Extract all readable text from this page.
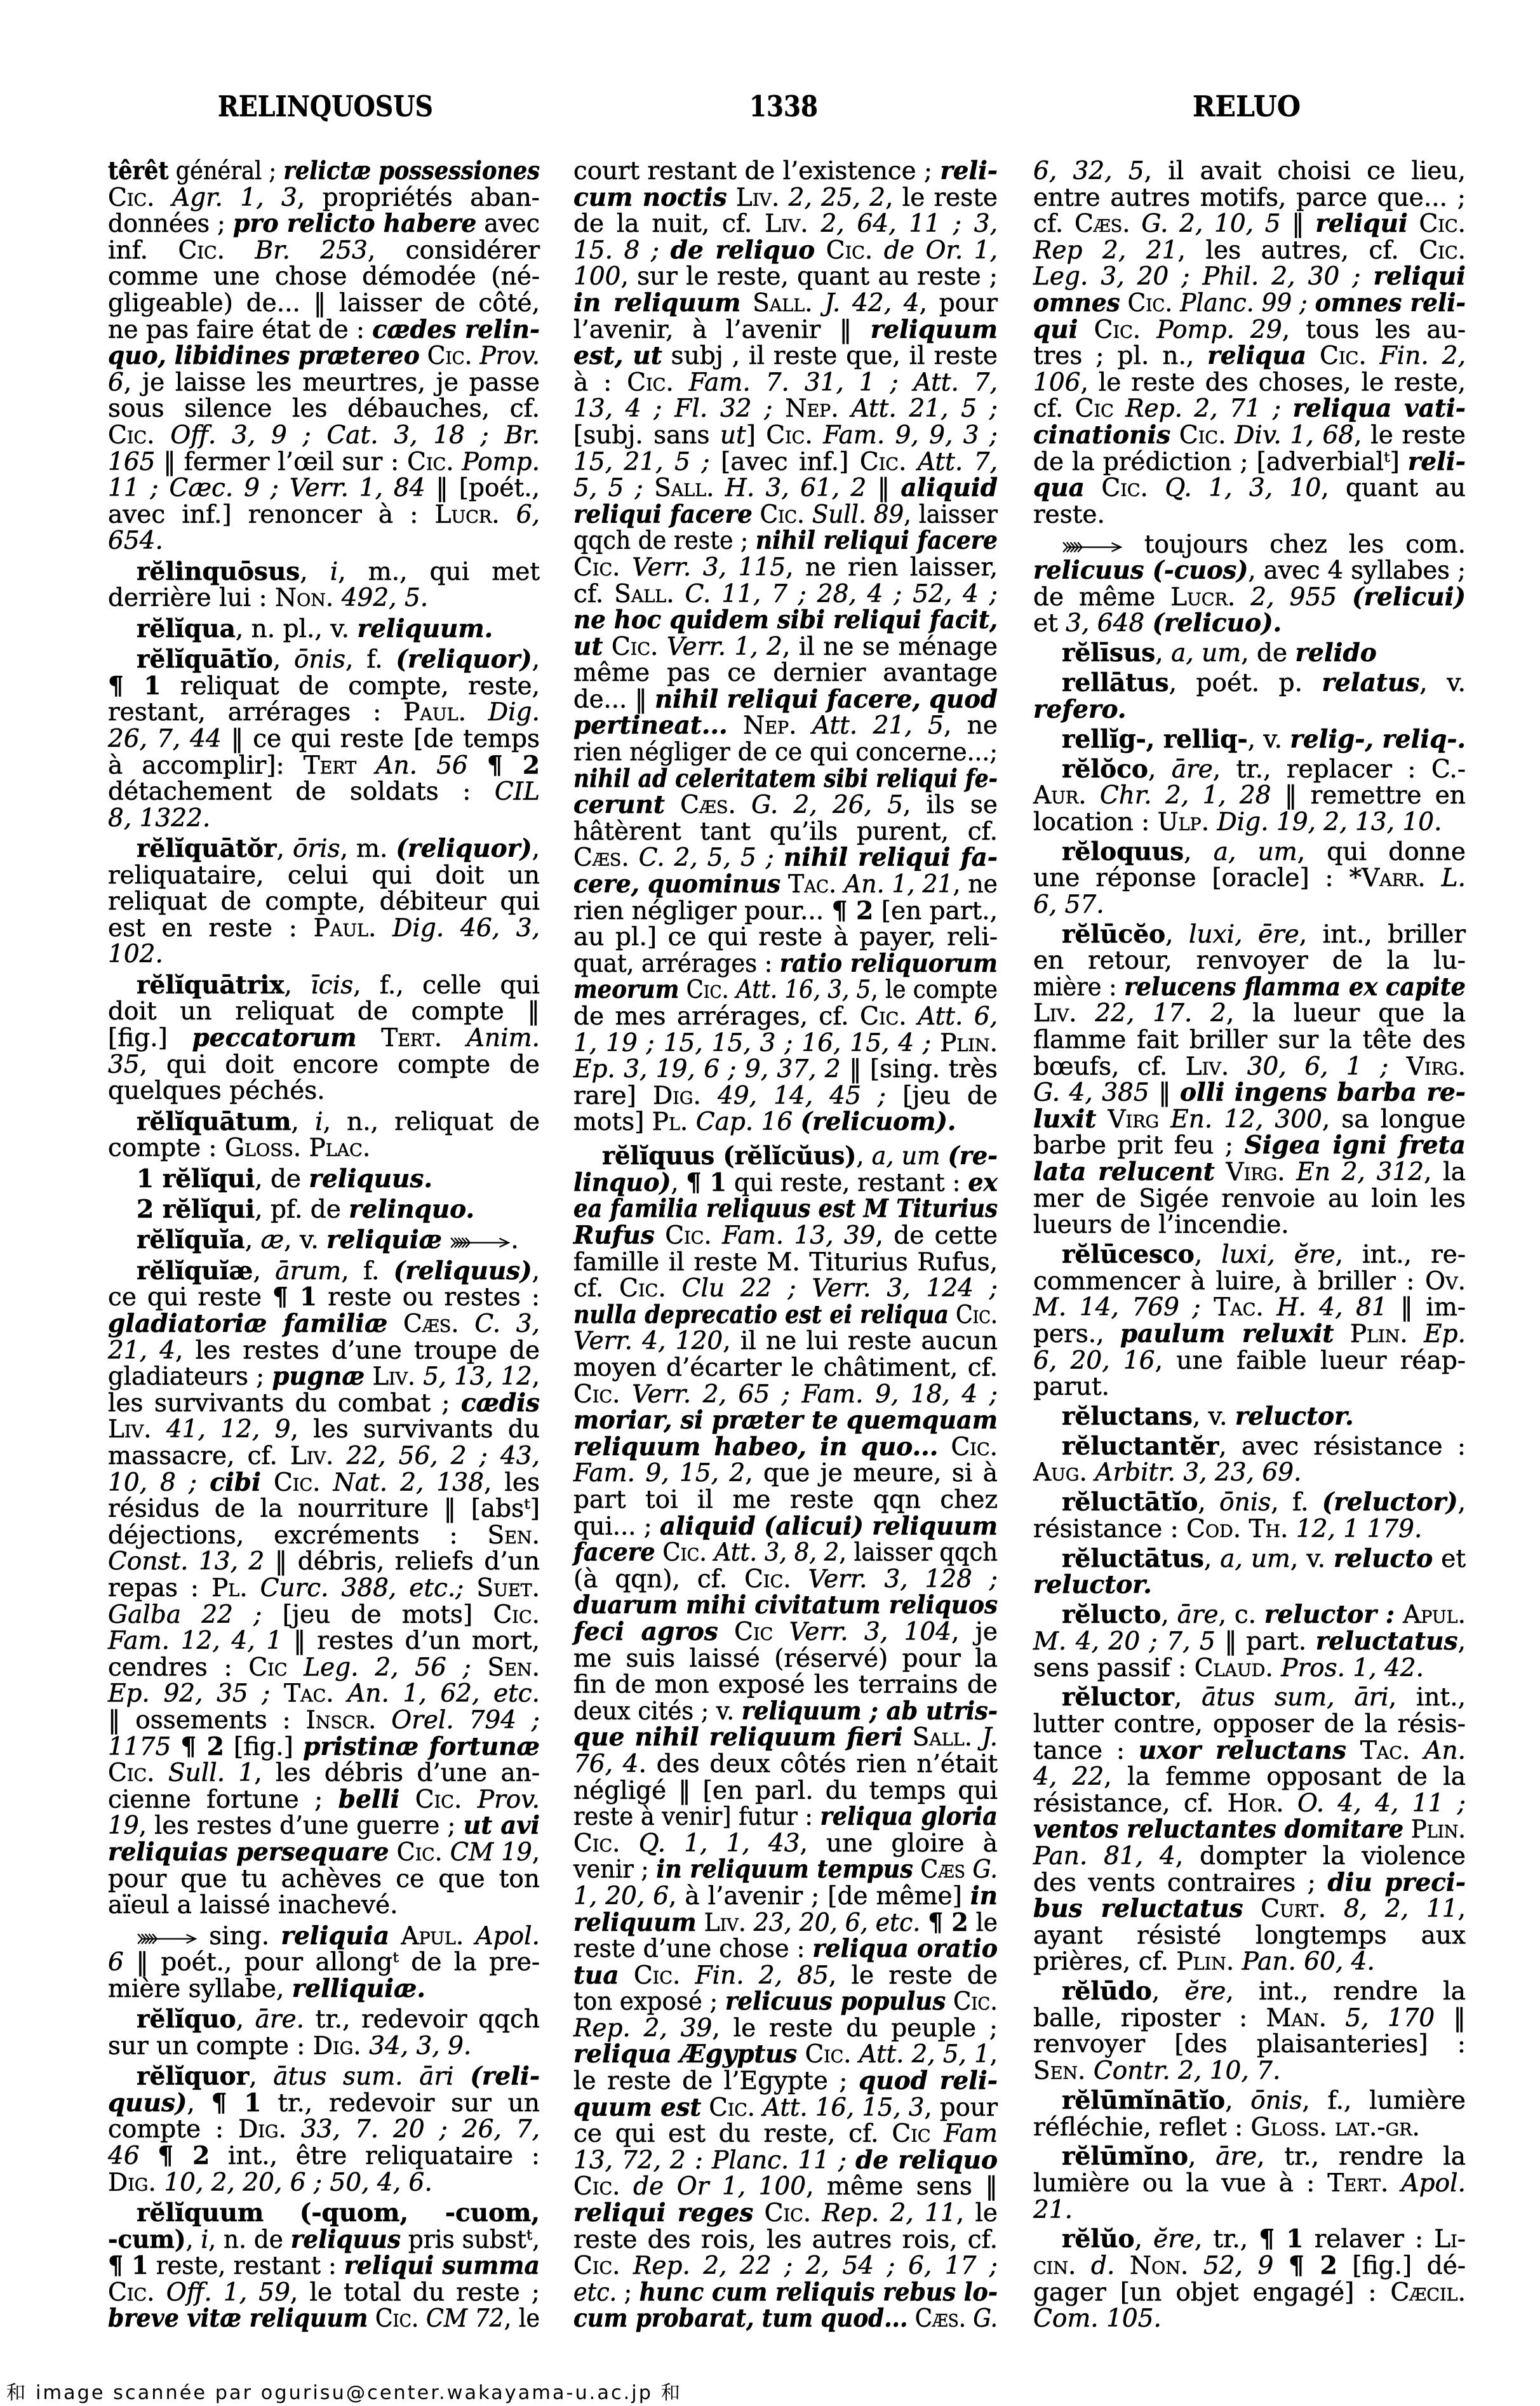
RELINQUOSUS	1338	RELUO
têrêt général ; relictæ possessiones
Cic. Agr. 1, 3, propriétés aban-
données ; pro relicto habere avec
inf. Cic. Br. 253, considérer
comme une chose démodée (né-
gligeable) de... ‖ laisser de côté,
ne pas faire état de : cædes relin-
quo, libidines prætereo Cic. Prov.
6, je laisse les meurtres, je passe
sous silence les débauches, cf.
Cic. Off. 3, 9 ; Cat. 3, 18 ; Br.
165 ‖ fermer l’œil sur : Cic. Pomp.
11 ; Cæc. 9 ; Verr. 1, 84 ‖ [poét.,
avec inf.] renoncer à : Lucr. 6,
654.
rĕlinquōsus, i, m., qui met
derrière lui : Non. 492, 5.
rĕlĭqua, n. pl., v. reliquum.
rĕlĭquātĭo, ōnis, f. (reliquor),
¶ 1 reliquat de compte, reste,
restant, arrérages : Paul. Dig.
26, 7, 44 ‖ ce qui reste [de temps
à accomplir]: Tert An. 56 ¶ 2
détachement de soldats : CIL
8, 1322.
rĕlĭquātŏr, ōris, m. (reliquor),
reliquataire, celui qui doit un
reliquat de compte, débiteur qui
est en reste : Paul. Dig. 46, 3,
102.
rĕlĭquātrix, īcis, f., celle qui
doit un reliquat de compte ‖
[fig.] peccatorum Tert. Anim.
35, qui doit encore compte de
quelques péchés.
rĕlĭquātum, i, n., reliquat de
compte : Gloss. Plac.
1 rĕlĭqui, de reliquus.
2 rĕlĭqui, pf. de relinquo.
rĕlĭquĭa, æ, v. reliquiæ	.
rĕlĭquĭæ, ārum, f. (reliquus),
ce qui reste ¶ 1 reste ou restes :
gladiatoriæ familiæ Cæs. C. 3,
21, 4, les restes d’une troupe de
gladiateurs ; pugnæ Liv. 5, 13, 12,
les survivants du combat ; cædis
Liv. 41, 12, 9, les survivants du
massacre, cf. Liv. 22, 56, 2 ; 43,
10, 8 ; cibi Cic. Nat. 2, 138, les
résidus de la nourriture ‖ [absᵗ]
déjections, excréments : Sen.
Const. 13, 2 ‖ débris, reliefs d’un
repas : Pl. Curc. 388, etc.; Suet.
Galba 22 ; [jeu de mots] Cic.
Fam. 12, 4, 1 ‖ restes d’un mort,
cendres : Cic Leg. 2, 56 ; Sen.
Ep. 92, 35 ; Tac. An. 1, 62, etc.
‖ ossements : Inscr. Orel. 794 ;
1175 ¶ 2 [fig.] pristinæ fortunæ
Cic. Sull. 1, les débris d’une an-
cienne fortune ; belli Cic. Prov.
19, les restes d’une guerre ; ut avi
reliquias persequare Cic. CM 19,
pour que tu achèves ce que ton
aïeul a laissé inachevé.
sing. reliquia Apul. Apol.
6 ‖ poét., pour allongᵗ de la pre-
mière syllabe, relliquiæ.
rĕlĭquo, āre. tr., redevoir qqch
sur un compte : Dig. 34, 3, 9.
rĕlĭquor, ātus sum. āri (reli-
quus), ¶ 1 tr., redevoir sur un
compte : Dig. 33, 7. 20 ; 26, 7,
46 ¶ 2 int., être reliquataire :
Dig. 10, 2, 20, 6 ; 50, 4, 6.
rĕlĭquum (-quom, -cuom,
-cum), i, n. de reliquus pris substᵗ,
¶ 1 reste, restant : reliqui summa
Cic. Off. 1, 59, le total du reste ;
breve vitæ reliquum Cic. CM 72, le
court restant de l’existence ; reli-
cum noctis Liv. 2, 25, 2, le reste
de la nuit, cf. Liv. 2, 64, 11 ; 3,
15. 8 ; de reliquo Cic. de Or. 1,
100, sur le reste, quant au reste ;
in reliquum Sall. J. 42, 4, pour
l’avenir, à l’avenir ‖ reliquum
est, ut subj , il reste que, il reste
à : Cic. Fam. 7. 31, 1 ; Att. 7,
13, 4 ; Fl. 32 ; Nep. Att. 21, 5 ;
[subj. sans ut] Cic. Fam. 9, 9, 3 ;
15, 21, 5 ; [avec inf.] Cic. Att. 7,
5, 5 ; Sall. H. 3, 61, 2 ‖ aliquid
reliqui facere Cic. Sull. 89, laisser
qqch de reste ; nihil reliqui facere
Cic. Verr. 3, 115, ne rien laisser,
cf. Sall. C. 11, 7 ; 28, 4 ; 52, 4 ;
ne hoc quidem sibi reliqui facit,
ut Cic. Verr. 1, 2, il ne se ménage
même pas ce dernier avantage
de... ‖ nihil reliqui facere, quod
pertineat... Nep. Att. 21, 5, ne
rien négliger de ce qui concerne...;
nihil ad celeritatem sibi reliqui fe-
cerunt Cæs. G. 2, 26, 5, ils se
hâtèrent tant qu’ils purent, cf.
Cæs. C. 2, 5, 5 ; nihil reliqui fa-
cere, quominus Tac. An. 1, 21, ne
rien négliger pour... ¶ 2 [en part.,
au pl.] ce qui reste à payer, reli-
quat, arrérages : ratio reliquorum
meorum Cic. Att. 16, 3, 5, le compte
de mes arrérages, cf. Cic. Att. 6,
1, 19 ; 15, 15, 3 ; 16, 15, 4 ; Plin.
Ep. 3, 19, 6 ; 9, 37, 2 ‖ [sing. très
rare] Dig. 49, 14, 45 ; [jeu de
mots] Pl. Cap. 16 (relicuom).
rĕlĭquus (rĕlĭcŭus), a, um (re-
linquo), ¶ 1 qui reste, restant : ex
ea familia reliquus est M Titurius
Rufus Cic. Fam. 13, 39, de cette
famille il reste M. Titurius Rufus,
cf. Cic. Clu 22 ; Verr. 3, 124 ;
nulla deprecatio est ei reliqua Cic.
Verr. 4, 120, il ne lui reste aucun
moyen d’écarter le châtiment, cf.
Cic. Verr. 2, 65 ; Fam. 9, 18, 4 ;
moriar, si præter te quemquam
reliquum habeo, in quo... Cic.
Fam. 9, 15, 2, que je meure, si à
part toi il me reste qqn chez
qui... ; aliquid (alicui) reliquum
facere Cic. Att. 3, 8, 2, laisser qqch
(à qqn), cf. Cic. Verr. 3, 128 ;
duarum mihi civitatum reliquos
feci agros Cic Verr. 3, 104, je
me suis laissé (réservé) pour la
fin de mon exposé les terrains de
deux cités ; v. reliquum ; ab utris-
que nihil reliquum fieri Sall. J.
76, 4. des deux côtés rien n’était
négligé ‖ [en parl. du temps qui
reste à venir] futur : reliqua gloria
Cic. Q. 1, 1, 43, une gloire à
venir ; in reliquum tempus Cæs G.
1, 20, 6, à l’avenir ; [de même] in
reliquum Liv. 23, 20, 6, etc. ¶ 2 le
reste d’une chose : reliqua oratio
tua Cic. Fin. 2, 85, le reste de
ton exposé ; relicuus populus Cic.
Rep. 2, 39, le reste du peuple ;
reliqua Ægyptus Cic. Att. 2, 5, 1,
le reste de l’Egypte ; quod reli-
quum est Cic. Att. 16, 15, 3, pour
ce qui est du reste, cf. Cic Fam
13, 72, 2 : Planc. 11 ; de reliquo
Cic. de Or 1, 100, même sens ‖
reliqui reges Cic. Rep. 2, 11, le
reste des rois, les autres rois, cf.
Cic. Rep. 2, 22 ; 2, 54 ; 6, 17 ;
etc. ; hunc cum reliquis rebus lo-
cum probarat, tum quod... Cæs. G.
6, 32, 5, il avait choisi ce lieu,
entre autres motifs, parce que... ;
cf. Cæs. G. 2, 10, 5 ‖ reliqui Cic.
Rep 2, 21, les autres, cf. Cic.
Leg. 3, 20 ; Phil. 2, 30 ; reliqui
omnes Cic. Planc. 99 ; omnes reli-
qui Cic. Pomp. 29, tous les au-
tres ; pl. n., reliqua Cic. Fin. 2,
106, le reste des choses, le reste,
cf. Cic Rep. 2, 71 ; reliqua vati-
cinationis Cic. Div. 1, 68, le reste
de la prédiction ; [adverbialᵗ] reli-
qua Cic. Q. 1, 3, 10, quant au
reste.
toujours chez les com.
relicuus (-cuos), avec 4 syllabes ;
de même Lucr. 2, 955 (relicui)
et 3, 648 (relicuo).
rĕlīsus, a, um, de relido
rellātus, poét. p. relatus, v.
refero.
rellĭg-, relliq-, v. relig-, reliq-.
rĕlŏco, āre, tr., replacer : C.-
Aur. Chr. 2, 1, 28 ‖ remettre en
location : Ulp. Dig. 19, 2, 13, 10.
rĕloquus, a, um, qui donne
une réponse [oracle] : *Varr. L.
6, 57.
rĕlūcĕo, luxi, ēre, int., briller
en retour, renvoyer de la lu-
mière : relucens flamma ex capite
Liv. 22, 17. 2, la lueur que la
flamme fait briller sur la tête des
bœufs, cf. Liv. 30, 6, 1 ; Virg.
G. 4, 385 ‖ olli ingens barba re-
luxit Virg En. 12, 300, sa longue
barbe prit feu ; Sigea igni freta
lata relucent Virg. En 2, 312, la
mer de Sigée renvoie au loin les
lueurs de l’incendie.
rĕlūcesco, luxi, ĕre, int., re-
commencer à luire, à briller : Ov.
M. 14, 769 ; Tac. H. 4, 81 ‖ im-
pers., paulum reluxit Plin. Ep.
6, 20, 16, une faible lueur réap-
parut.
rĕluctans, v. reluctor.
rĕluctantĕr, avec résistance :
Aug. Arbitr. 3, 23, 69.
rĕluctātĭo, ōnis, f. (reluctor),
résistance : Cod. Th. 12, 1 179.
rĕluctātus, a, um, v. relucto et
reluctor.
rĕlucto, āre, c. reluctor : Apul.
M. 4, 20 ; 7, 5 ‖ part. reluctatus,
sens passif : Claud. Pros. 1, 42.
rĕluctor, ātus sum, āri, int.,
lutter contre, opposer de la résis-
tance : uxor reluctans Tac. An.
4, 22, la femme opposant de la
résistance, cf. Hor. O. 4, 4, 11 ;
ventos reluctantes domitare Plin.
Pan. 81, 4, dompter la violence
des vents contraires ; diu preci-
bus reluctatus Curt. 8, 2, 11,
ayant résisté longtemps aux
prières, cf. Plin. Pan. 60, 4.
rĕlūdo, ĕre, int., rendre la
balle, riposter : Man. 5, 170 ‖
renvoyer [des plaisanteries] :
Sen. Contr. 2, 10, 7.
rĕlūmĭnātĭo, ōnis, f., lumière
réfléchie, reflet : Gloss. lat.-gr.
rĕlūmĭno, āre, tr., rendre la
lumière ou la vue à : Tert. Apol.
21.
rĕlŭo, ĕre, tr., ¶ 1 relaver : Li-
cin. d. Non. 52, 9 ¶ 2 [fig.] dé-
gager [un objet engagé] : Cæcil.
Com. 105.
和 image scannée par ogurisu@center.wakayama-u.ac.jp 和
